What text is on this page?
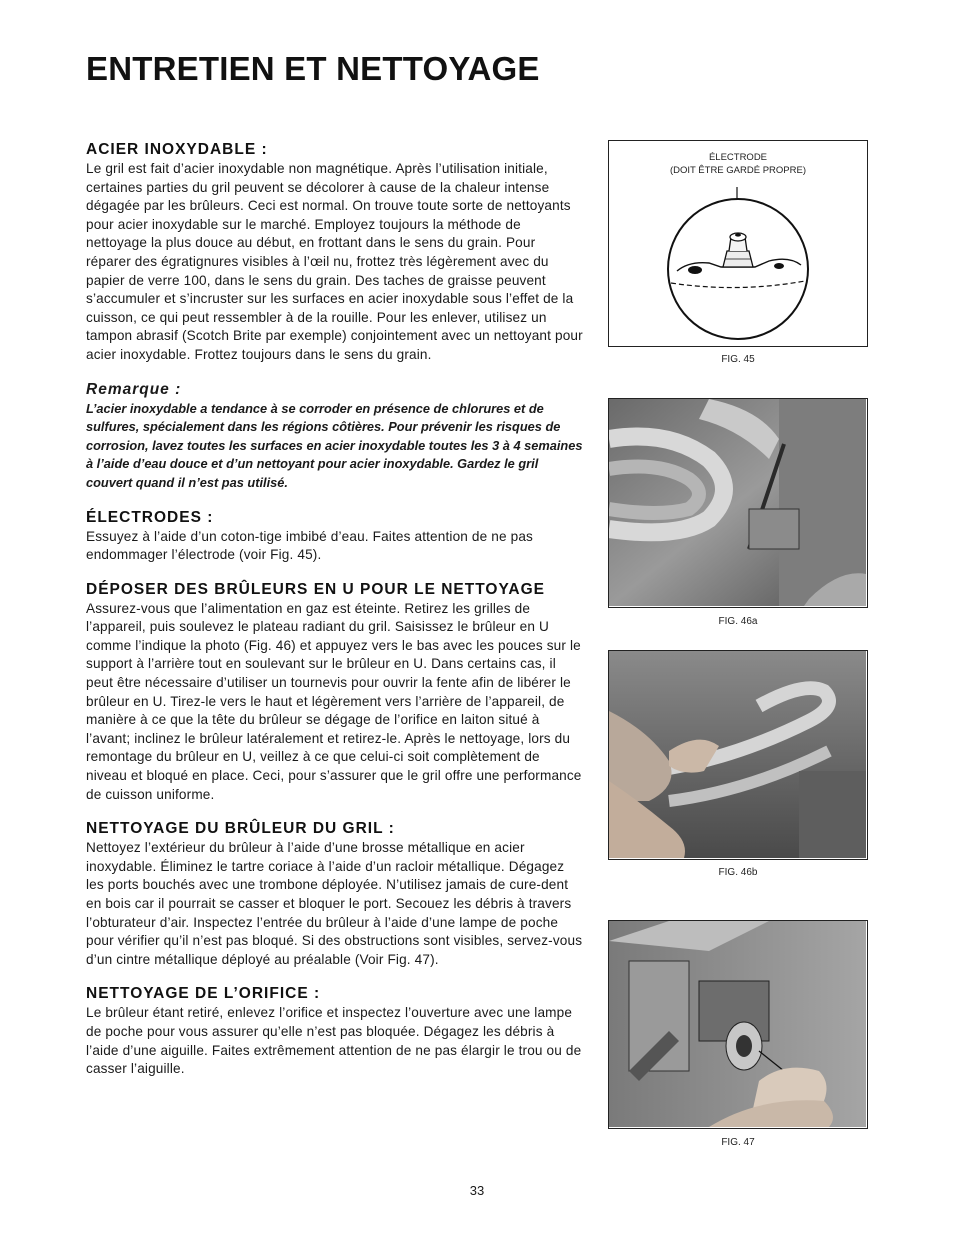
ENTRETIEN ET NETTOYAGE
ACIER INOXYDABLE :

Le gril est fait d’acier inoxydable non magnétique. Après l’utilisation initiale, certaines parties du gril peuvent se décolorer à cause de la chaleur intense dégagée par les brûleurs. Ceci est normal. On trouve toute sorte de nettoyants pour acier inoxydable sur le marché. Employez toujours la méthode de nettoyage la plus douce au début, en frottant dans le sens du grain. Pour réparer des égratignures visibles à l’œil nu, frottez très légèrement avec du papier de verre 100, dans le sens du grain. Des taches de graisse peuvent s’accumuler et s’incruster sur les surfaces en acier inoxydable sous l’effet de la cuisson, ce qui peut ressembler à de la rouille. Pour les enlever, utilisez un tampon abrasif (Scotch Brite par exemple) conjointement avec un nettoyant pour acier inoxydable. Frottez toujours dans le sens du grain.

Remarque :

L’acier inoxydable a tendance à se corroder en présence de chlorures et de sulfures, spécialement dans les régions côtières. Pour prévenir les risques de corrosion, lavez toutes les surfaces en acier inoxydable toutes les 3 à 4 semaines à l’aide d’eau douce et d’un nettoyant pour acier inoxydable. Gardez le gril couvert quand il n’est pas utilisé.

ÉLECTRODES :

Essuyez à l’aide d’un coton-tige imbibé d’eau. Faites attention de ne pas endommager l’électrode (voir Fig. 45).

DÉPOSER DES BRÛLEURS EN U POUR LE NETTOYAGE

Assurez-vous que l’alimentation en gaz est éteinte. Retirez les grilles de l’appareil, puis soulevez le plateau radiant du gril. Saisissez le brûleur en U comme l’indique la photo (Fig. 46) et appuyez vers le bas avec les pouces sur le support à l’arrière tout en soulevant sur le brûleur en U. Dans certains cas, il peut être nécessaire d’utiliser un tournevis pour ouvrir la fente afin de libérer le brûleur en U. Tirez-le vers le haut et légèrement vers l’arrière de l’appareil, de manière à ce que la tête du brûleur se dégage de l’orifice en laiton situé à l’avant; inclinez le brûleur latéralement et retirez-le. Après le nettoyage, lors du remontage du brûleur en U, veillez à ce que celui-ci soit complètement de niveau et bloqué en place. Ceci, pour s’assurer que le gril offre une performance de cuisson uniforme.

NETTOYAGE DU BRÛLEUR DU GRIL :

Nettoyez l’extérieur du brûleur à l’aide d’une brosse métallique en acier inoxydable. Éliminez le tartre coriace à l’aide d’un racloir métallique. Dégagez les ports bouchés avec une trombone déployée. N’utilisez jamais de cure-dent en bois car il pourrait se casser et bloquer le port. Secouez les débris à travers l’obturateur d’air. Inspectez l’entrée du brûleur à l’aide d’une lampe de poche pour vérifier qu’il n’est pas bloqué. Si des obstructions sont visibles, servez-vous d’un cintre métallique déployé au préalable (Voir Fig. 47).

NETTOYAGE DE L’ORIFICE :

Le brûleur étant retiré, enlevez l’orifice et inspectez l’ouverture avec une lampe de poche pour vous assurer qu’elle n’est pas bloquée. Dégagez les débris à l’aide d’une aiguille. Faites extrêmement attention de ne pas élargir le trou ou de casser l’aiguille.

ÉLECTRODE
(DOIT ÊTRE GARDÉ PROPRE)
FIG. 45
FIG. 46a
FIG. 46b
FIG. 47
33
